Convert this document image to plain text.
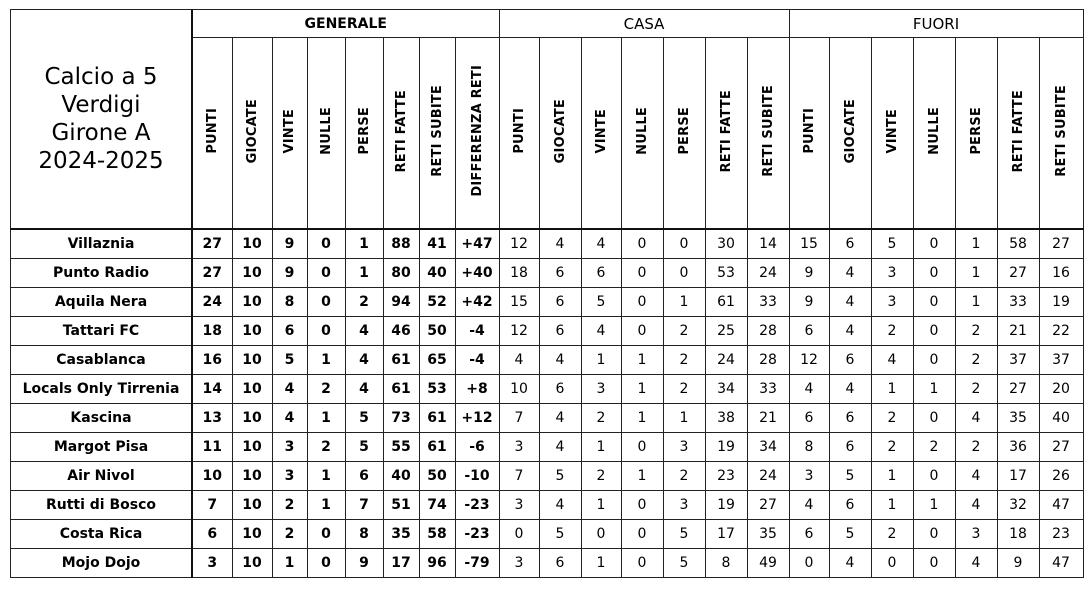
Calcio a 5
Verdigi
Girone A
2024-2025	GENERALE								CASA							FUORI						
	PUNTI	GIOCATE	VINTE	NULLE	PERSE	RETI FATTE	RETI SUBITE	DIFFERENZA RETI	PUNTI	GIOCATE	VINTE	NULLE	PERSE	RETI FATTE	RETI SUBITE	PUNTI	GIOCATE	VINTE	NULLE	PERSE	RETI FATTE	RETI SUBITE
Villaznia	27	10	9	0	1	88	41	+47	12	4	4	0	0	30	14	15	6	5	0	1	58	27
Punto Radio	27	10	9	0	1	80	40	+40	18	6	6	0	0	53	24	9	4	3	0	1	27	16
Aquila Nera	24	10	8	0	2	94	52	+42	15	6	5	0	1	61	33	9	4	3	0	1	33	19
Tattari FC	18	10	6	0	4	46	50	-4	12	6	4	0	2	25	28	6	4	2	0	2	21	22
Casablanca	16	10	5	1	4	61	65	-4	4	4	1	1	2	24	28	12	6	4	0	2	37	37
Locals Only Tirrenia	14	10	4	2	4	61	53	+8	10	6	3	1	2	34	33	4	4	1	1	2	27	20
Kascina	13	10	4	1	5	73	61	+12	7	4	2	1	1	38	21	6	6	2	0	4	35	40
Margot Pisa	11	10	3	2	5	55	61	-6	3	4	1	0	3	19	34	8	6	2	2	2	36	27
Air Nivol	10	10	3	1	6	40	50	-10	7	5	2	1	2	23	24	3	5	1	0	4	17	26
Rutti di Bosco	7	10	2	1	7	51	74	-23	3	4	1	0	3	19	27	4	6	1	1	4	32	47
Costa Rica	6	10	2	0	8	35	58	-23	0	5	0	0	5	17	35	6	5	2	0	3	18	23
Mojo Dojo	3	10	1	0	9	17	96	-79	3	6	1	0	5	8	49	0	4	0	0	4	9	47
